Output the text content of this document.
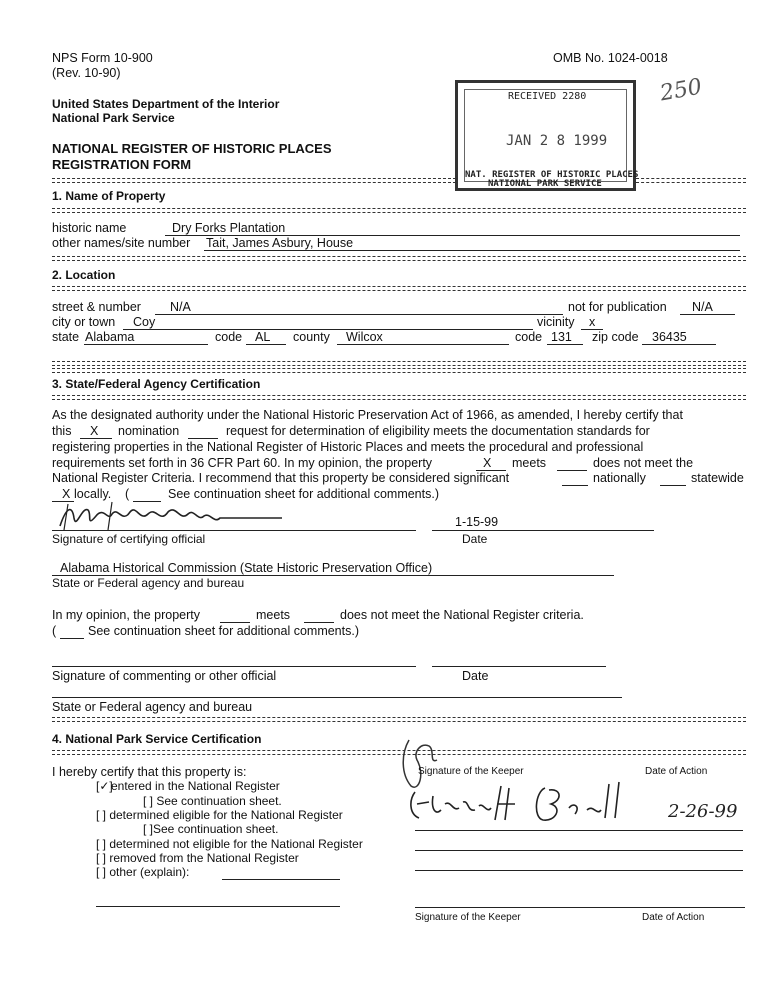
NPS Form 10-900
(Rev. 10-90)
OMB No. 1024-0018
United States Department of the Interior
National Park Service
NATIONAL REGISTER OF HISTORIC PLACES
REGISTRATION FORM
250
RECEIVED 2280
JAN 2 8 1999
NAT. REGISTER OF HISTORIC PLACES
NATIONAL PARK SERVICE
1. Name of Property
historic name	Dry Forks Plantation
other names/site number Tait, James Asbury, House
2. Location
street & number N/A	not for publication N/A
city or town Coy	vicinity x
state Alabama	code AL county Wilcox	code 131 zip code 36435
3. State/Federal Agency Certification
As the designated authority under the National Historic Preservation Act of 1966, as amended, I hereby certify that
this X nomination	request for determination of eligibility meets the documentation standards for
registering properties in the National Register of Historic Places and meets the procedural and professional
requirements set forth in 36 CFR Part 60. In my opinion, the property	X meets	does not meet the
National Register Criteria. I recommend that this property be considered significant	nationally	statewide
X locally. (	See continuation sheet for additional comments.)
Signature of certifying official
1-15-99
Date
Alabama Historical Commission (State Historic Preservation Office)
State or Federal agency and bureau
In my opinion, the property	meets	does not meet the National Register criteria.
(	See continuation sheet for additional comments.)
Signature of commenting or other official	Date
State or Federal agency and bureau
4. National Park Service Certification
I hereby certify that this property is:
[✓]
entered in the National Register
[ ] See continuation sheet.
[ ] determined eligible for the National Register
[ ]See continuation sheet.
[ ] determined not eligible for the National Register
[ ] removed from the National Register
[ ] other (explain):
Signature of the Keeper	Date of Action
2-26-99
Signature of the Keeper	Date of Action
